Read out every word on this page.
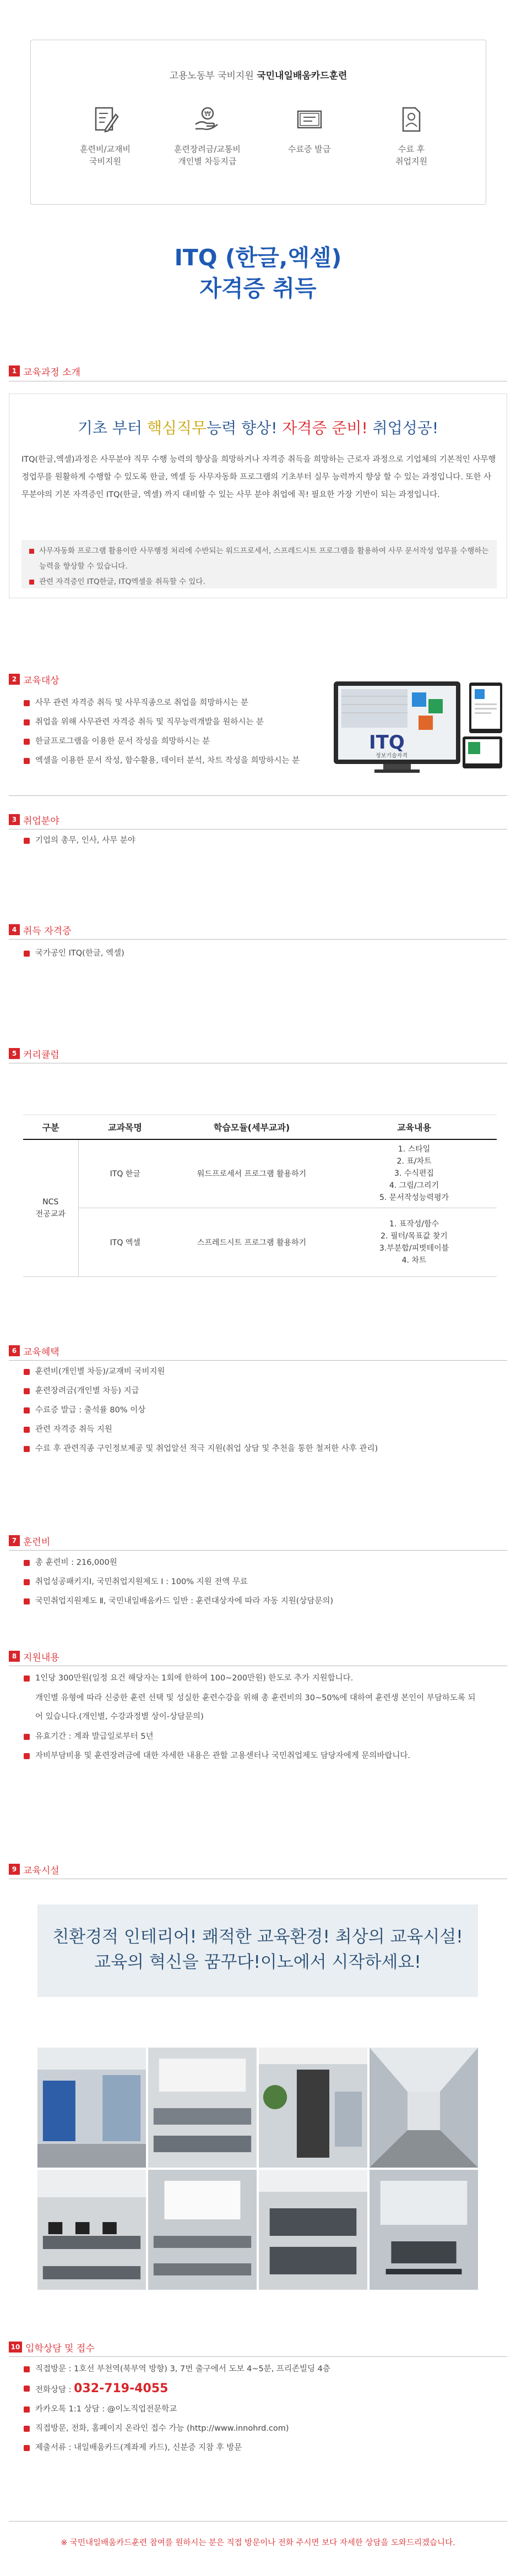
고용노동부 국비지원 국민내일배움카드훈련
훈련비/교재비
국비지원
₩
훈련장려금/교통비
개인별 차등지급
수료증 발급	수료 후
취업지원
ITQ (한글,엑셀)
자격증 취득
1 교육과정 소개
기초 부터 핵심직무능력 향상! 자격증 준비! 취업성공!
ITQ(한글,엑셀)과정은 사무분야 직무 수행 능력의 향상을 희망하거나 자격증 취득을 희망하는 근로자 과정으로 기업체의 기본적인 사무행정업무를 원활하게 수행할 수 있도록 한글, 엑셀 등 사무자동화 프로그램의 기초부터 실무 능력까지 향상 할 수 있는 과정입니다. 또한 사무분야의 기본 자격증인 ITQ(한글, 엑셀) 까지 대비할 수 있는 사무 분야 취업에 꼭! 필요한 가장 기반이 되는 과정입니다.
사무자동화 프로그램 활용이란 사무행정 처리에 수반되는 워드프로세서, 스프레드시트 프로그램을 활용하여 사무 문서작성 업무를 수행하는 능력을 향상할 수 있습니다.
관련 자격증인 ITQ한글, ITQ엑셀을 취득할 수 있다.
2 교육대상
사무 관련 자격증 취득 및 사무직종으로 취업을 희망하시는 분
취업을 위해 사무관련 자격증 취득 및 직무능력개발을 원하시는 분
한글프로그램을 이용한 문서 작성을 희망하시는 분
엑셀을 이용한 문서 작성, 함수활용, 데이터 분석, 차트 작성을 희망하시는 분
ITQ
정보기술자격
3 취업분야
기업의 총무, 인사, 사무 분야
4 취득 자격증
국가공인 ITQ(한글, 엑셀)
5 커리큘럼
구분	교과목명	학습모듈(세부교과)	교육내용
NCS
전공교과	ITQ 한글	워드프로세서 프로그램 활용하기	1. 스타일
2. 표/차트
3. 수식편집
4. 그림/그리기
5. 문서작성능력평가
	ITQ 엑셀	스프레드시트 프로그램 활용하기	1. 표작성/함수
2. 필터/목표값 찾기
3.부분합/피벗테이블
4. 차트
6 교육혜택
훈련비(개인별 차등)/교재비 국비지원
훈련장려금(개인별 차등) 지급
수료증 발급 : 출석률 80% 이상
관련 자격증 취득 지원
수료 후 관련직종 구인정보제공 및 취업알선 적극 지원(취업 상담 및 추천을 통한 철저한 사후 관리)
7 훈련비
총 훈련비 : 216,000원
취업성공패키지Ⅰ, 국민취업지원제도 Ⅰ : 100% 지원 전액 무료
국민취업지원제도 Ⅱ, 국민내일배움카드 일반 : 훈련대상자에 따라 자동 지원(상담문의)
8 지원내용
1인당 300만원(일정 요건 해당자는 1회에 한하여 100~200만원) 한도로 추가 지원합니다.
개인별 유형에 따라 신중한 훈련 선택 및 성실한 훈련수강을 위해 총 훈련비의 30~50%에 대하여 훈련생 본인이 부담하도록 되어 있습니다.(개인별, 수강과정별 상이-상담문의)
유효기간 : 계좌 발급일로부터 5년
자비부담비용 및 훈련장려금에 대한 자세한 내용은 관할 고용센터나 국민취업제도 담당자에게 문의바랍니다.
9 교육시설
친환경적 인테리어! 쾌적한 교육환경! 최상의 교육시설!
교육의 혁신을 꿈꾸다!이노에서 시작하세요!
10 입학상담 및 접수
직접방문 : 1호선 부천역(북부역 방향) 3, 7번 출구에서 도보 4~5분, 프리존빌딩 4층
전화상담 : 032-719-4055
카카오톡 1:1 상담 : @이노직업전문학교
직접방문, 전화, 홈페이지 온라인 접수 가능 (http://www.innohrd.com)
제출서류 : 내일배움카드(계좌제 카드), 신분증 지참 후 방문
※ 국민내일배움카드훈련 참여를 원하시는 분은 직접 방문이나 전화 주시면 보다 자세한 상담을 도와드리겠습니다.
